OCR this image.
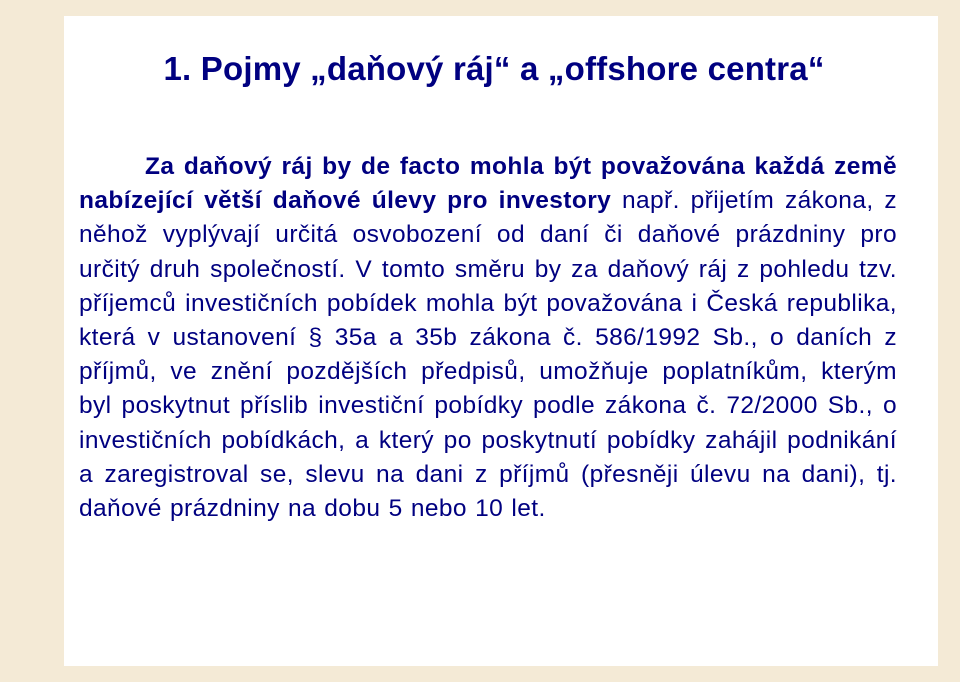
1. Pojmy „daňový ráj“ a „offshore centra“

Za daňový ráj by de facto mohla být považována každá země nabízející větší daňové úlevy pro investory např. přijetím zákona, z něhož vyplývají určitá osvobození od daní či daňové prázdniny pro určitý druh společností. V tomto směru by za daňový ráj z pohledu tzv. příjemců investičních pobídek mohla být považována i Česká republika, která v ustanovení § 35a a 35b zákona č. 586/1992 Sb., o daních z příjmů, ve znění pozdějších předpisů, umožňuje poplatníkům, kterým byl poskytnut příslib investiční pobídky podle zákona č. 72/2000 Sb., o investičních pobídkách, a který po poskytnutí pobídky zahájil podnikání a zaregistroval se, slevu na dani z příjmů (přesněji úlevu na dani), tj. daňové prázdniny na dobu 5 nebo 10 let.
